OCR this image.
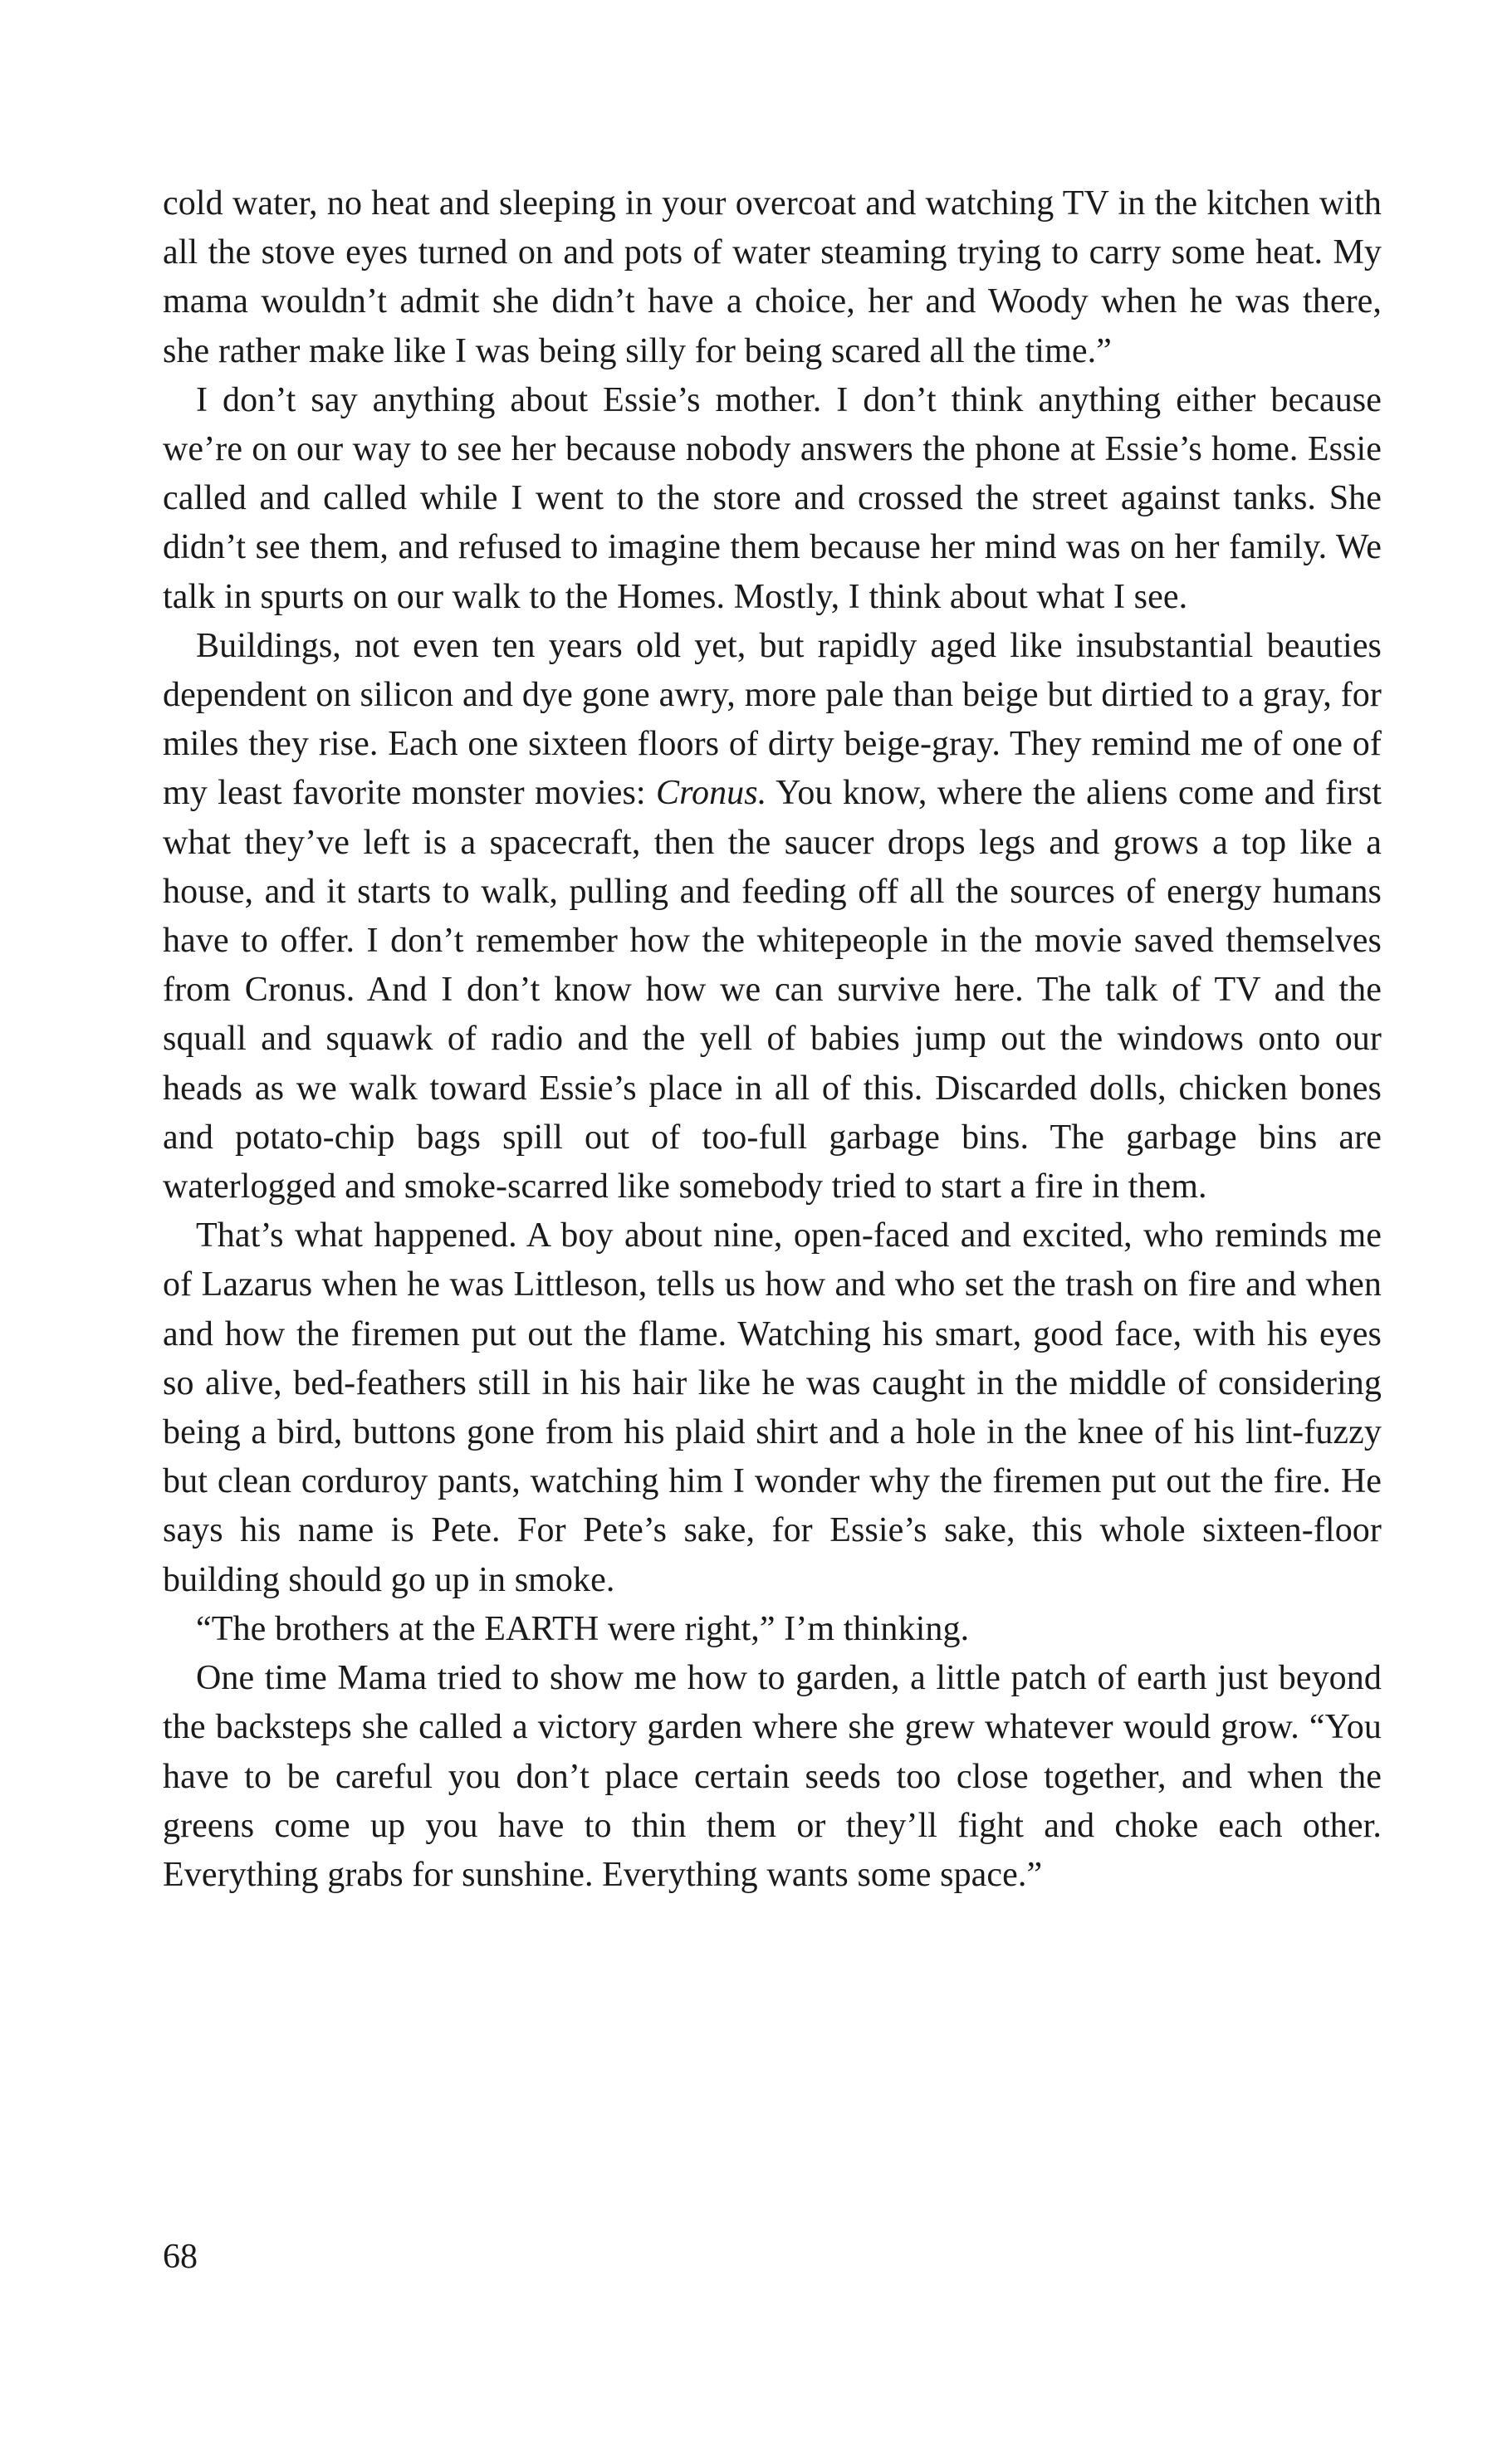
cold water, no heat and sleeping in your overcoat and watching TV in the kitchen with all the stove eyes turned on and pots of water steaming trying to carry some heat. My mama wouldn’t admit she didn’t have a choice, her and Woody when he was there, she rather make like I was being silly for being scared all the time.”

I don’t say anything about Essie’s mother. I don’t think anything either because we’re on our way to see her because nobody answers the phone at Essie’s home. Essie called and called while I went to the store and crossed the street against tanks. She didn’t see them, and refused to imagine them because her mind was on her family. We talk in spurts on our walk to the Homes. Mostly, I think about what I see.

Buildings, not even ten years old yet, but rapidly aged like insubstantial beauties dependent on silicon and dye gone awry, more pale than beige but dirtied to a gray, for miles they rise. Each one sixteen floors of dirty beige-gray. They remind me of one of my least favorite monster movies: Cronus. You know, where the aliens come and first what they’ve left is a spacecraft, then the saucer drops legs and grows a top like a house, and it starts to walk, pulling and feeding off all the sources of energy humans have to offer. I don’t remember how the whitepeople in the movie saved themselves from Cronus. And I don’t know how we can survive here. The talk of TV and the squall and squawk of radio and the yell of babies jump out the windows onto our heads as we walk toward Essie’s place in all of this. Discarded dolls, chicken bones and potato-chip bags spill out of too-full garbage bins. The garbage bins are waterlogged and smoke-scarred like somebody tried to start a fire in them.

That’s what happened. A boy about nine, open-faced and excited, who reminds me of Lazarus when he was Littleson, tells us how and who set the trash on fire and when and how the firemen put out the flame. Watching his smart, good face, with his eyes so alive, bed-feathers still in his hair like he was caught in the middle of considering being a bird, buttons gone from his plaid shirt and a hole in the knee of his lint-fuzzy but clean corduroy pants, watching him I wonder why the firemen put out the fire. He says his name is Pete. For Pete’s sake, for Essie’s sake, this whole sixteen-floor building should go up in smoke.

“The brothers at the EARTH were right,” I’m thinking.

One time Mama tried to show me how to garden, a little patch of earth just beyond the backsteps she called a victory garden where she grew whatever would grow. “You have to be careful you don’t place certain seeds too close together, and when the greens come up you have to thin them or they’ll fight and choke each other. Everything grabs for sunshine. Everything wants some space.”

68
